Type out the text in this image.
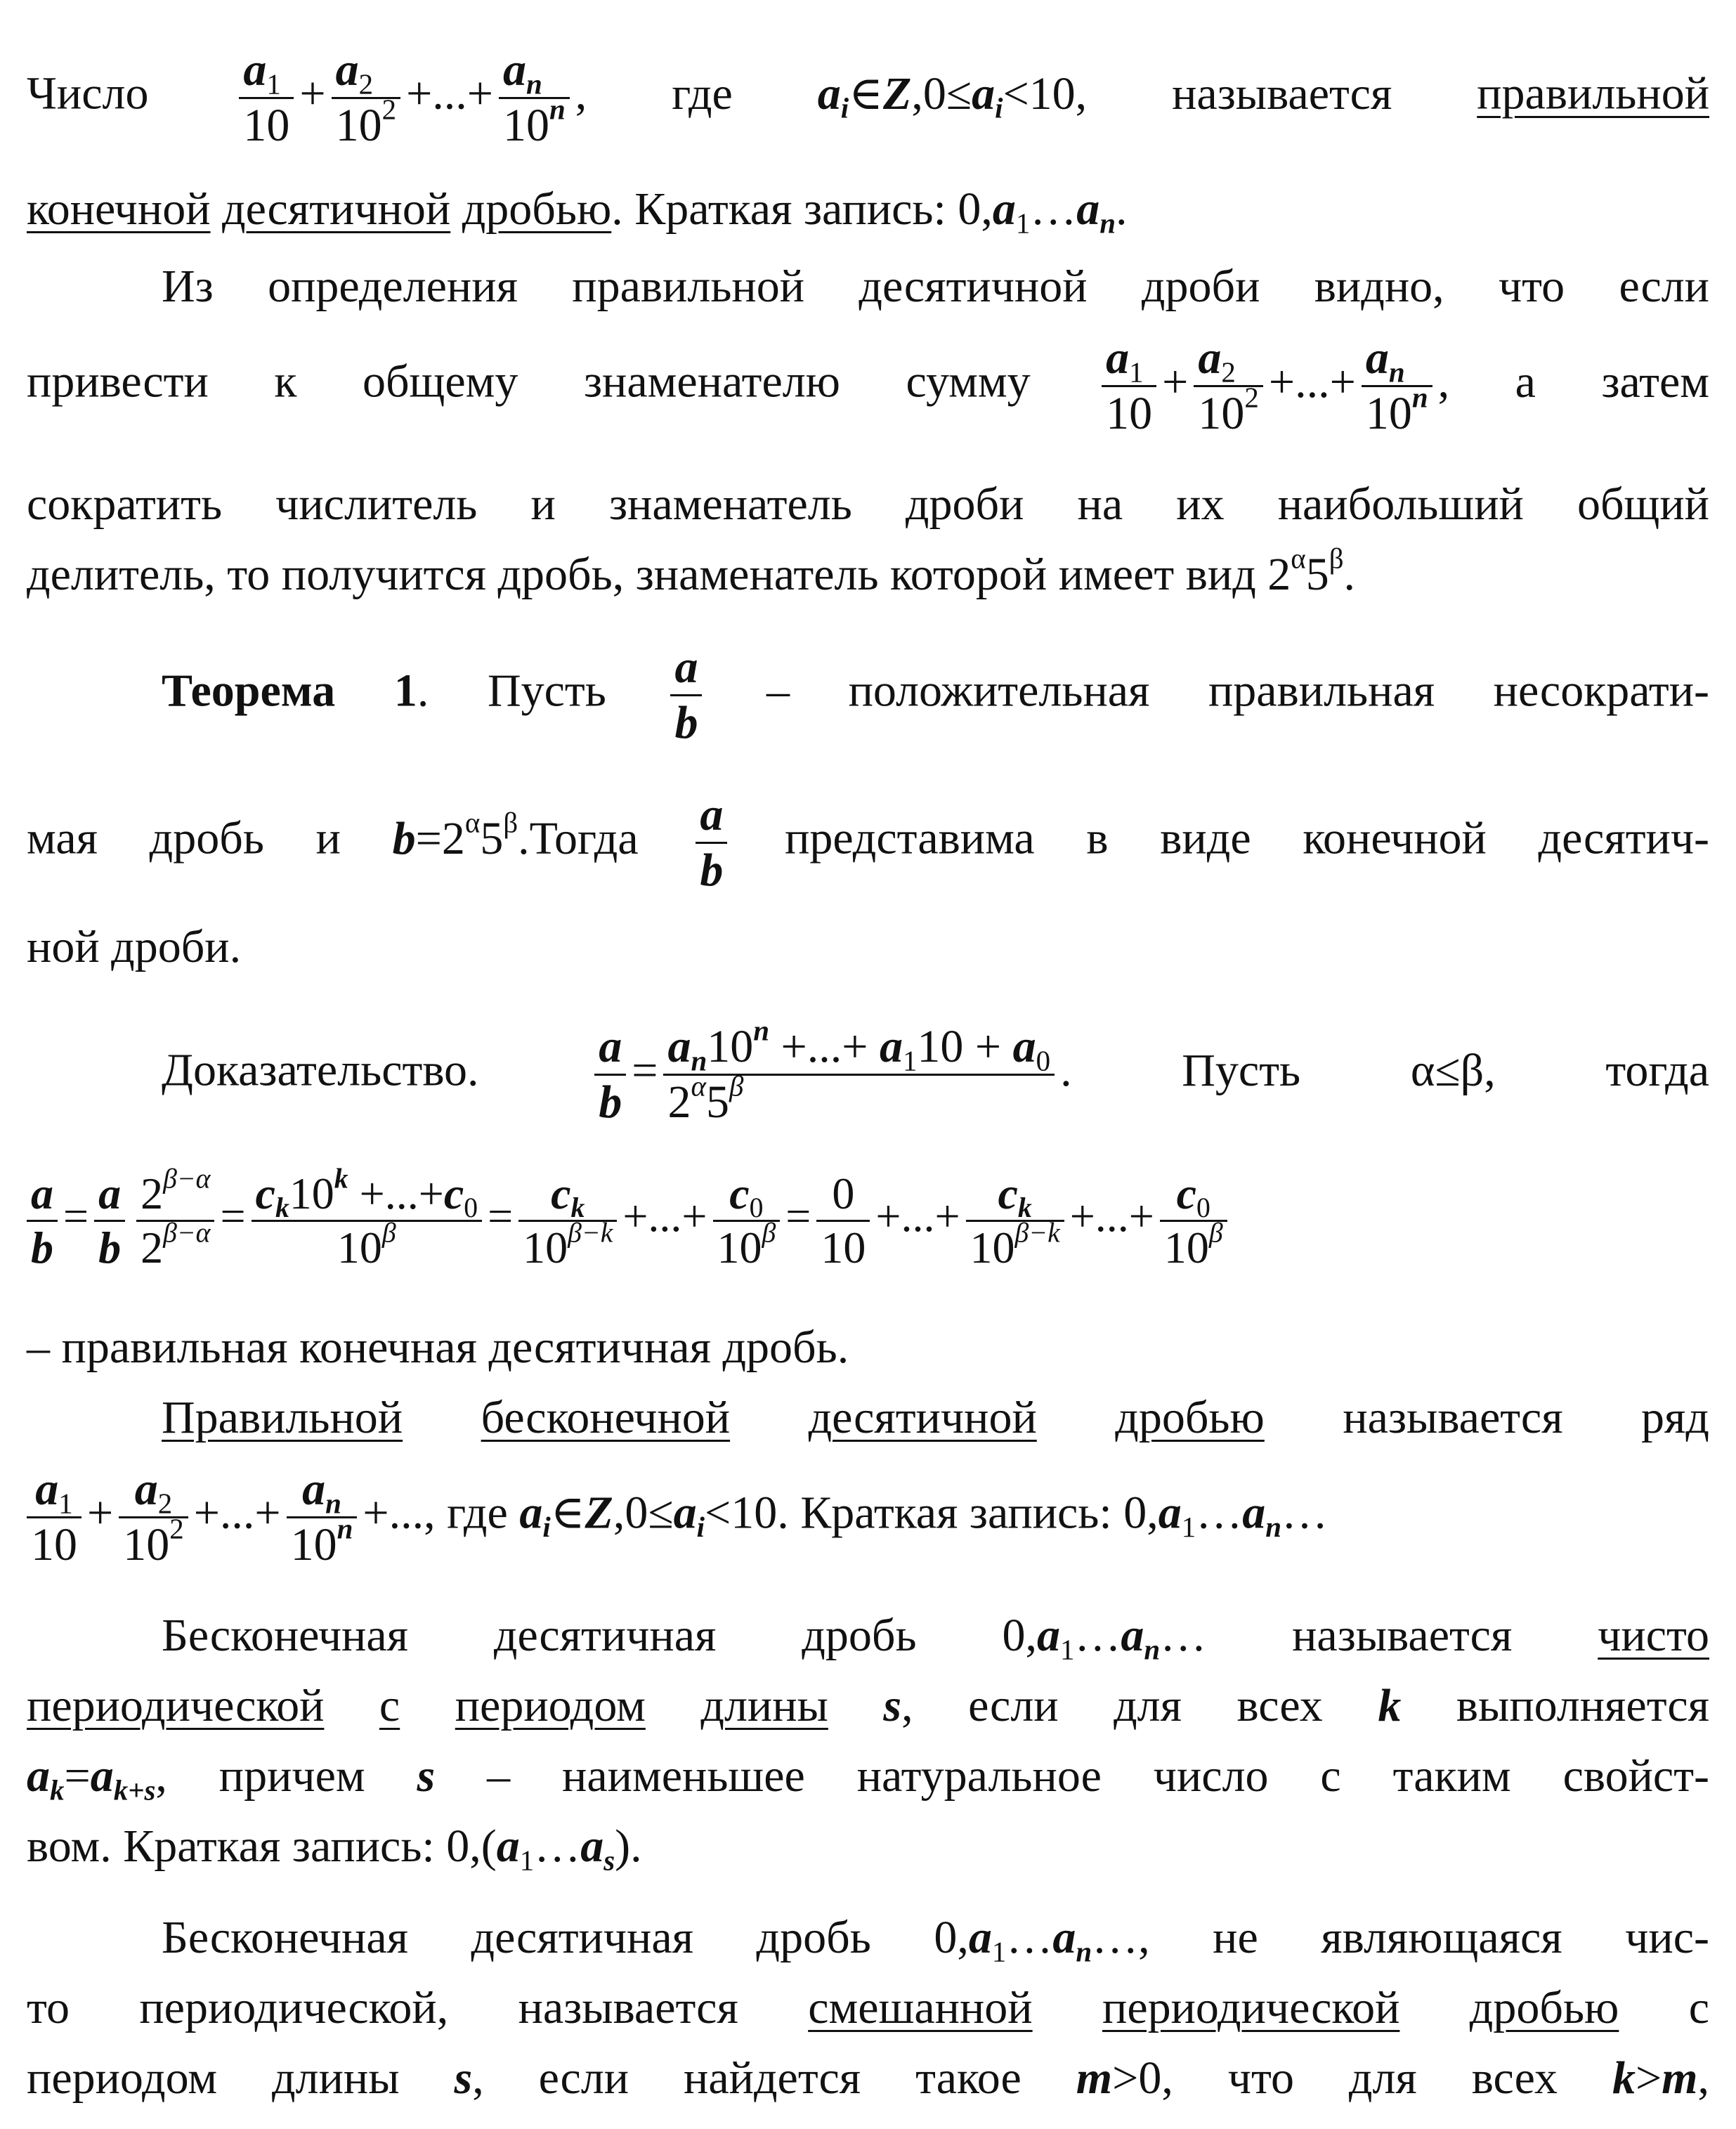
Число $\frac{a_1}{10} + \frac{a_2}{10^2}$ +...+ $\frac{a_n}{10^n}$ , где $a_i\in Z,0\le a_i<10$, называется правильной
конечной десятичной дробью. Краткая запись: $0,a_1\dots a_n$.
Из определения правильной десятичной дроби видно, что если
привести к общему знаменателю сумму $\frac{a_1}{10} + \frac{a_2}{10^2}$ +...+ $\frac{a_n}{10^n}$ , а затем
сократить числитель и знаменатель дроби на их наибольший общий
делитель, то получится дробь, знаменатель которой имеет вид $2^\alpha 5^\beta$.
Теорема 1. Пусть $\frac{a}{b}$ – положительная правильная несократи-
мая дробь и $b=2^\alpha 5^\beta.Тогда \frac{a}{b}$ представима в виде конечной десятич-
ной дроби.
Доказательство. $\frac{a}{b} = \frac{a_n10^n +...+ a_110 + a_0}{2^\alpha 5^\beta}$ . Пусть α≤β, тогда
$\frac{a}{b} = \frac{a}{b} \frac{2^{\beta-\alpha}}{2^{\beta-\alpha}} = \frac{c_k10^k +...+c_0}{10^\beta} = \frac{c_k}{10^{\beta-k}}$ +...+ $\frac{c_0}{10^\beta} = \frac{0}{10}$ +...+ $\frac{c_k}{10^{\beta-k}}$ +...+ $\frac{c_0}{10^\beta}$
– правильная конечная десятичная дробь.
Правильной бесконечной десятичной дробью называется ряд
$\frac{a_1}{10} + \frac{a_2}{10^2}$ +...+ $\frac{a_n}{10^n}$ +..., где $a_i\in Z,0\le a_i<10$. Краткая запись: $0,a_1\dots a_n\dots$
Бесконечная десятичная дробь $0,a_1\dots a_n\dots$ называется чисто
периодической с периодом длины s, если для всех k выполняется
$a_k=a_{k+s}$, причем s – наименьшее натуральное число с таким свойст-
вом. Краткая запись: $0,(a_1\dots a_s)$.
Бесконечная десятичная дробь $0,a_1\dots a_n\dots$, не являющаяся чис-
то периодической, называется смешанной периодической дробью с
периодом длины s, если найдется такое m>0, что для всех k>m,
